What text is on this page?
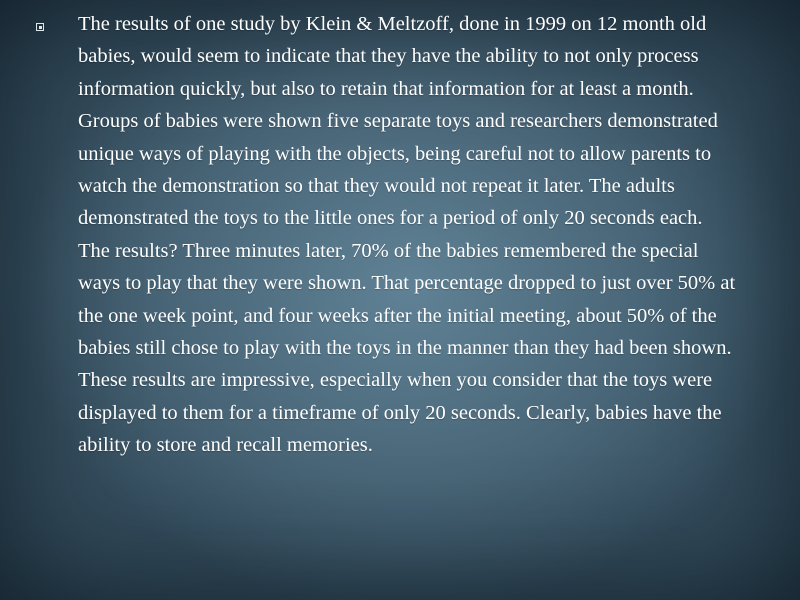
The results of one study by Klein & Meltzoff, done in 1999 on 12 month old babies, would seem to indicate that they have the ability to not only process information quickly, but also to retain that information for at least a month. Groups of babies were shown five separate toys and researchers demonstrated unique ways of playing with the objects, being careful not to allow parents to watch the demonstration so that they would not repeat it later. The adults demonstrated the toys to the little ones for a period of only 20 seconds each. The results? Three minutes later, 70% of the babies remembered the special ways to play that they were shown. That percentage dropped to just over 50% at the one week point, and four weeks after the initial meeting, about 50% of the babies still chose to play with the toys in the manner than they had been shown. These results are impressive, especially when you consider that the toys were displayed to them for a timeframe of only 20 seconds. Clearly, babies have the ability to store and recall memories.
